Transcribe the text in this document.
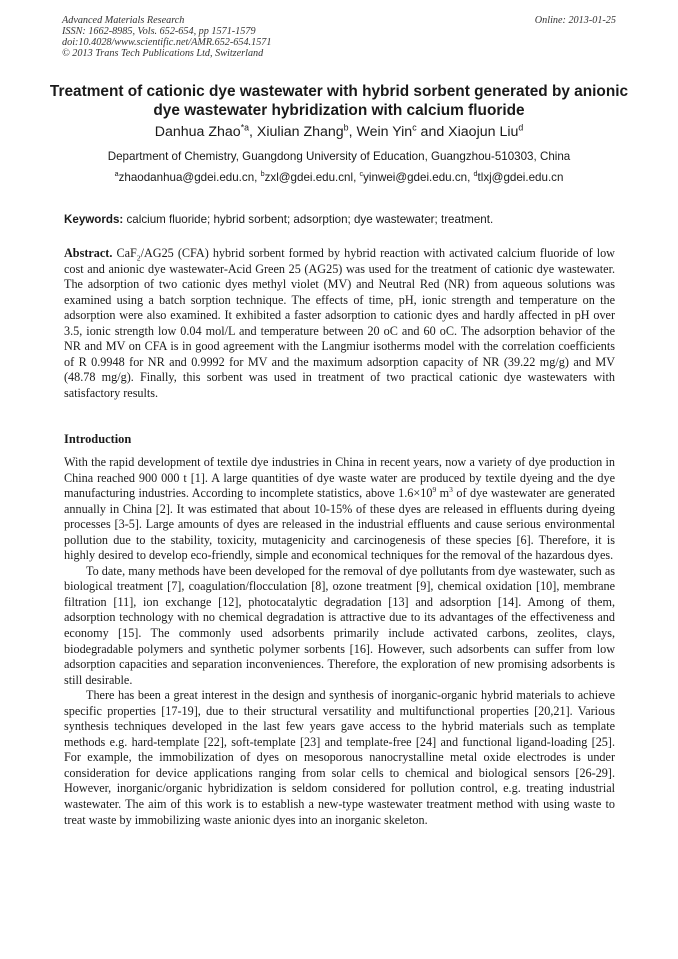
Advanced Materials Research
ISSN: 1662-8985, Vols. 652-654, pp 1571-1579
doi:10.4028/www.scientific.net/AMR.652-654.1571
© 2013 Trans Tech Publications Ltd, Switzerland
Online: 2013-01-25
Treatment of cationic dye wastewater with hybrid sorbent generated by anionic dye wastewater hybridization with calcium fluoride
Danhua Zhao$^{*a}$, Xiulian Zhang$^b$, Wein Yin$^c$ and Xiaojun Liu$^d$
Department of Chemistry, Guangdong University of Education, Guangzhou-510303, China
$^a$zhaodanhua@gdei.edu.cn, $^b$zxl@gdei.edu.cnl, $^c$yinwei@gdei.edu.cn, $^d$tlxj@gdei.edu.cn
Keywords: calcium fluoride; hybrid sorbent; adsorption; dye wastewater; treatment.
Abstract. CaF$_2$/AG25 (CFA) hybrid sorbent formed by hybrid reaction with activated calcium fluoride of low cost and anionic dye wastewater-Acid Green 25 (AG25) was used for the treatment of cationic dye wastewater. The adsorption of two cationic dyes methyl violet (MV) and Neutral Red (NR) from aqueous solutions was examined using a batch sorption technique. The effects of time, pH, ionic strength and temperature on the adsorption were also examined. It exhibited a faster adsorption to cationic dyes and hardly affected in pH over 3.5, ionic strength low 0.04 mol/L and temperature between 20 oC and 60 oC. The adsorption behavior of the NR and MV on CFA is in good agreement with the Langmiur isotherms model with the correlation coefficients of R 0.9948 for NR and 0.9992 for MV and the maximum adsorption capacity of NR (39.22 mg/g) and MV (48.78 mg/g). Finally, this sorbent was used in treatment of two practical cationic dye wastewaters with satisfactory results.
Introduction

With the rapid development of textile dye industries in China in recent years, now a variety of dye production in China reached 900 000 t [1]. A large quantities of dye waste water are produced by textile dyeing and the dye manufacturing industries. According to incomplete statistics, above $1.6\times 10^9$ $m^3$ of dye wastewater are generated annually in China [2]. It was estimated that about 10-15% of these dyes are released in effluents during dyeing processes [3-5]. Large amounts of dyes are released in the industrial effluents and cause serious environmental pollution due to the stability, toxicity, mutagenicity and carcinogenesis of these species [6]. Therefore, it is highly desired to develop eco-friendly, simple and economical techniques for the removal of the hazardous dyes.

To date, many methods have been developed for the removal of dye pollutants from dye wastewater, such as biological treatment [7], coagulation/flocculation [8], ozone treatment [9], chemical oxidation [10], membrane filtration [11], ion exchange [12], photocatalytic degradation [13] and adsorption [14]. Among of them, adsorption technology with no chemical degradation is attractive due to its advantages of the effectiveness and economy [15]. The commonly used adsorbents primarily include activated carbons, zeolites, clays, biodegradable polymers and synthetic polymer sorbents [16]. However, such adsorbents can suffer from low adsorption capacities and separation inconveniences. Therefore, the exploration of new promising adsorbents is still desirable.

There has been a great interest in the design and synthesis of inorganic-organic hybrid materials to achieve specific properties [17-19], due to their structural versatility and multifunctional properties [20,21]. Various synthesis techniques developed in the last few years gave access to the hybrid materials such as template methods e.g. hard-template [22], soft-template [23] and template-free [24] and functional ligand-loading [25]. For example, the immobilization of dyes on mesoporous nanocrystalline metal oxide electrodes is under consideration for device applications ranging from solar cells to chemical and biological sensors [26-29]. However, inorganic/organic hybridization is seldom considered for pollution control, e.g. treating industrial wastewater. The aim of this work is to establish a new-type wastewater treatment method with using waste to treat waste by immobilizing waste anionic dyes into an inorganic skeleton.
